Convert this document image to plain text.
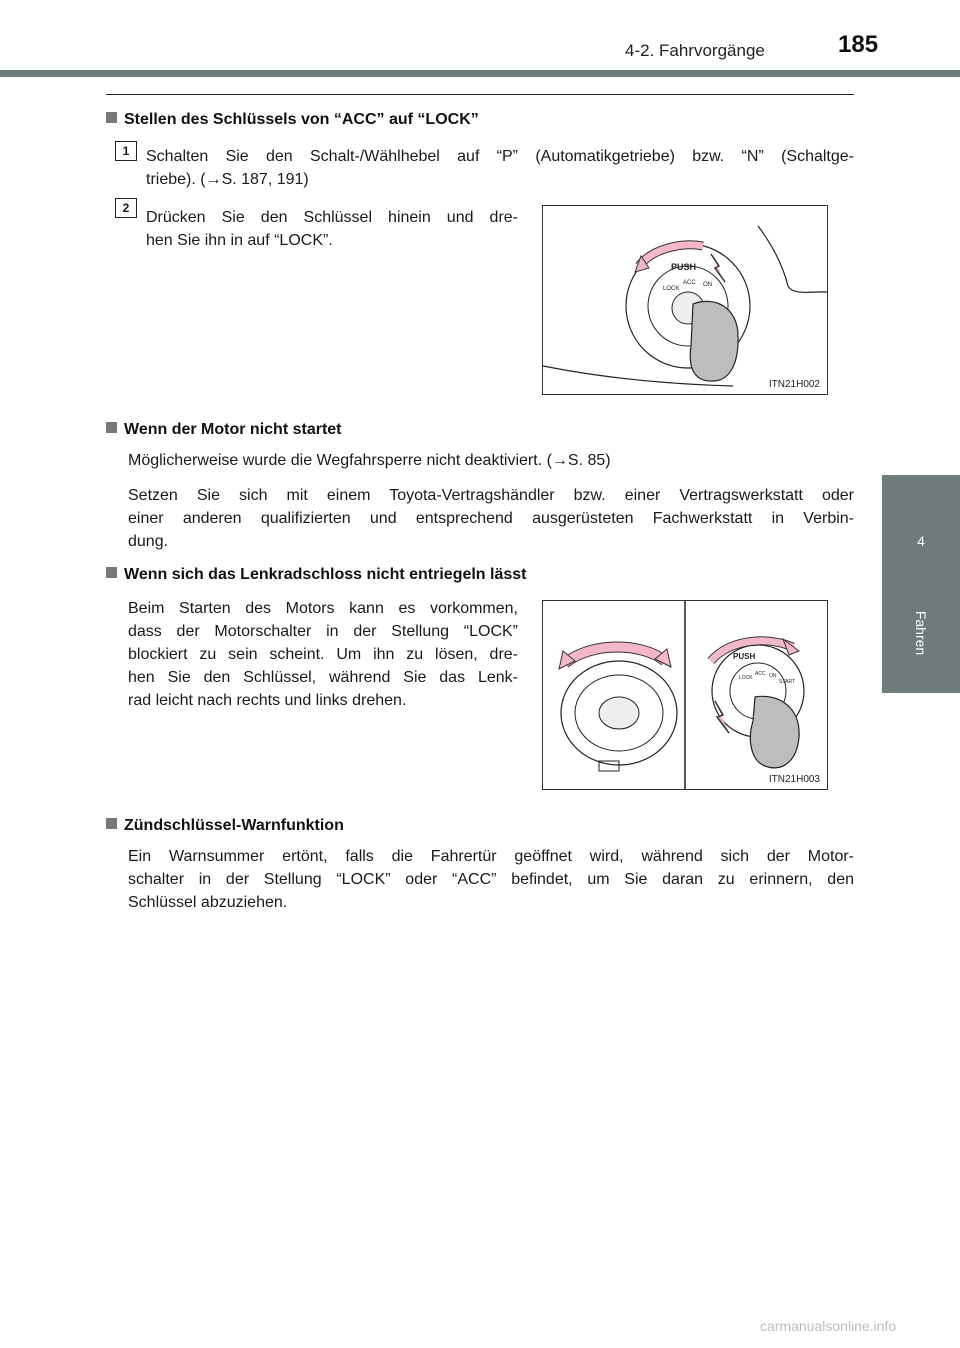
4-2. Fahrvorgänge	185
4
Fahren
Stellen des Schlüssels von “ACC” auf “LOCK”
1	Schalten Sie den Schalt-/Wählhebel auf “P” (Automatikgetriebe) bzw. “N” (Schaltge-
triebe). (→S. 187, 191)
2
Drücken Sie den Schlüssel hinein und dre-
hen Sie ihn in auf “LOCK”.
PUSH
LOCK
ACC ON
ITN21H002
Wenn der Motor nicht startet
Möglicherweise wurde die Wegfahrsperre nicht deaktiviert. (→S. 85)
Setzen Sie sich mit einem Toyota-Vertragshändler bzw. einer Vertragswerkstatt oder
einer anderen qualifizierten und entsprechend ausgerüsteten Fachwerkstatt in Verbin-
dung.
Wenn sich das Lenkradschloss nicht entriegeln lässt
Beim Starten des Motors kann es vorkommen,
dass der Motorschalter in der Stellung “LOCK”
blockiert zu sein scheint. Um ihn zu lösen, dre-
hen Sie den Schlüssel, während Sie das Lenk-
rad leicht nach rechts und links drehen.
PUSH
LOCK
ACC ON
START
ITN21H003
Zündschlüssel-Warnfunktion
Ein Warnsummer ertönt, falls die Fahrertür geöffnet wird, während sich der Motor-
schalter in der Stellung “LOCK” oder “ACC” befindet, um Sie daran zu erinnern, den
Schlüssel abzuziehen.
carmanualsonline.info
